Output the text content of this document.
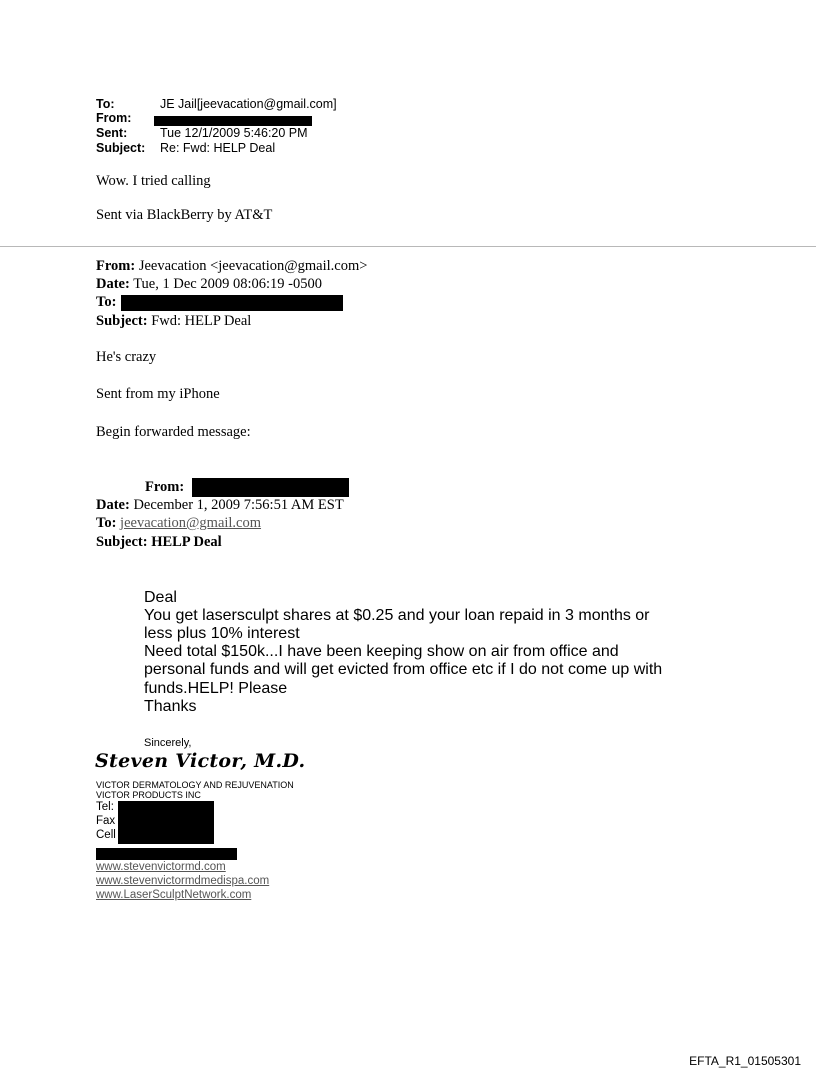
To:	JE Jail[jeevacation@gmail.com]
From:
Sent:	Tue 12/1/2009 5:46:20 PM
Subject: Re: Fwd: HELP Deal
Wow. I tried calling
Sent via BlackBerry by AT&T
From: Jeevacation <jeevacation@gmail.com>
Date: Tue, 1 Dec 2009 08:06:19 -0500
To:
Subject: Fwd: HELP Deal
He's crazy
Sent from my iPhone
Begin forwarded message:
From:
Date: December 1, 2009 7:56:51 AM EST
To: jeevacation@gmail.com
Subject: HELP Deal
Deal
You get lasersculpt shares at $0.25 and your loan repaid in 3 months or
less plus 10% interest
Need total $150k...I have been keeping show on air from office and
personal funds and will get evicted from office etc if I do not come up with
funds.HELP! Please
Thanks
Sincerely,
Steven Victor, M.D.
VICTOR DERMATOLOGY AND REJUVENATION
VICTOR PRODUCTS INC
Tel:
Fax
Cell
www.stevenvictormd.com
www.stevenvictormdmedispa.com
www.LaserSculptNetwork.com
EFTA_R1_01505301
